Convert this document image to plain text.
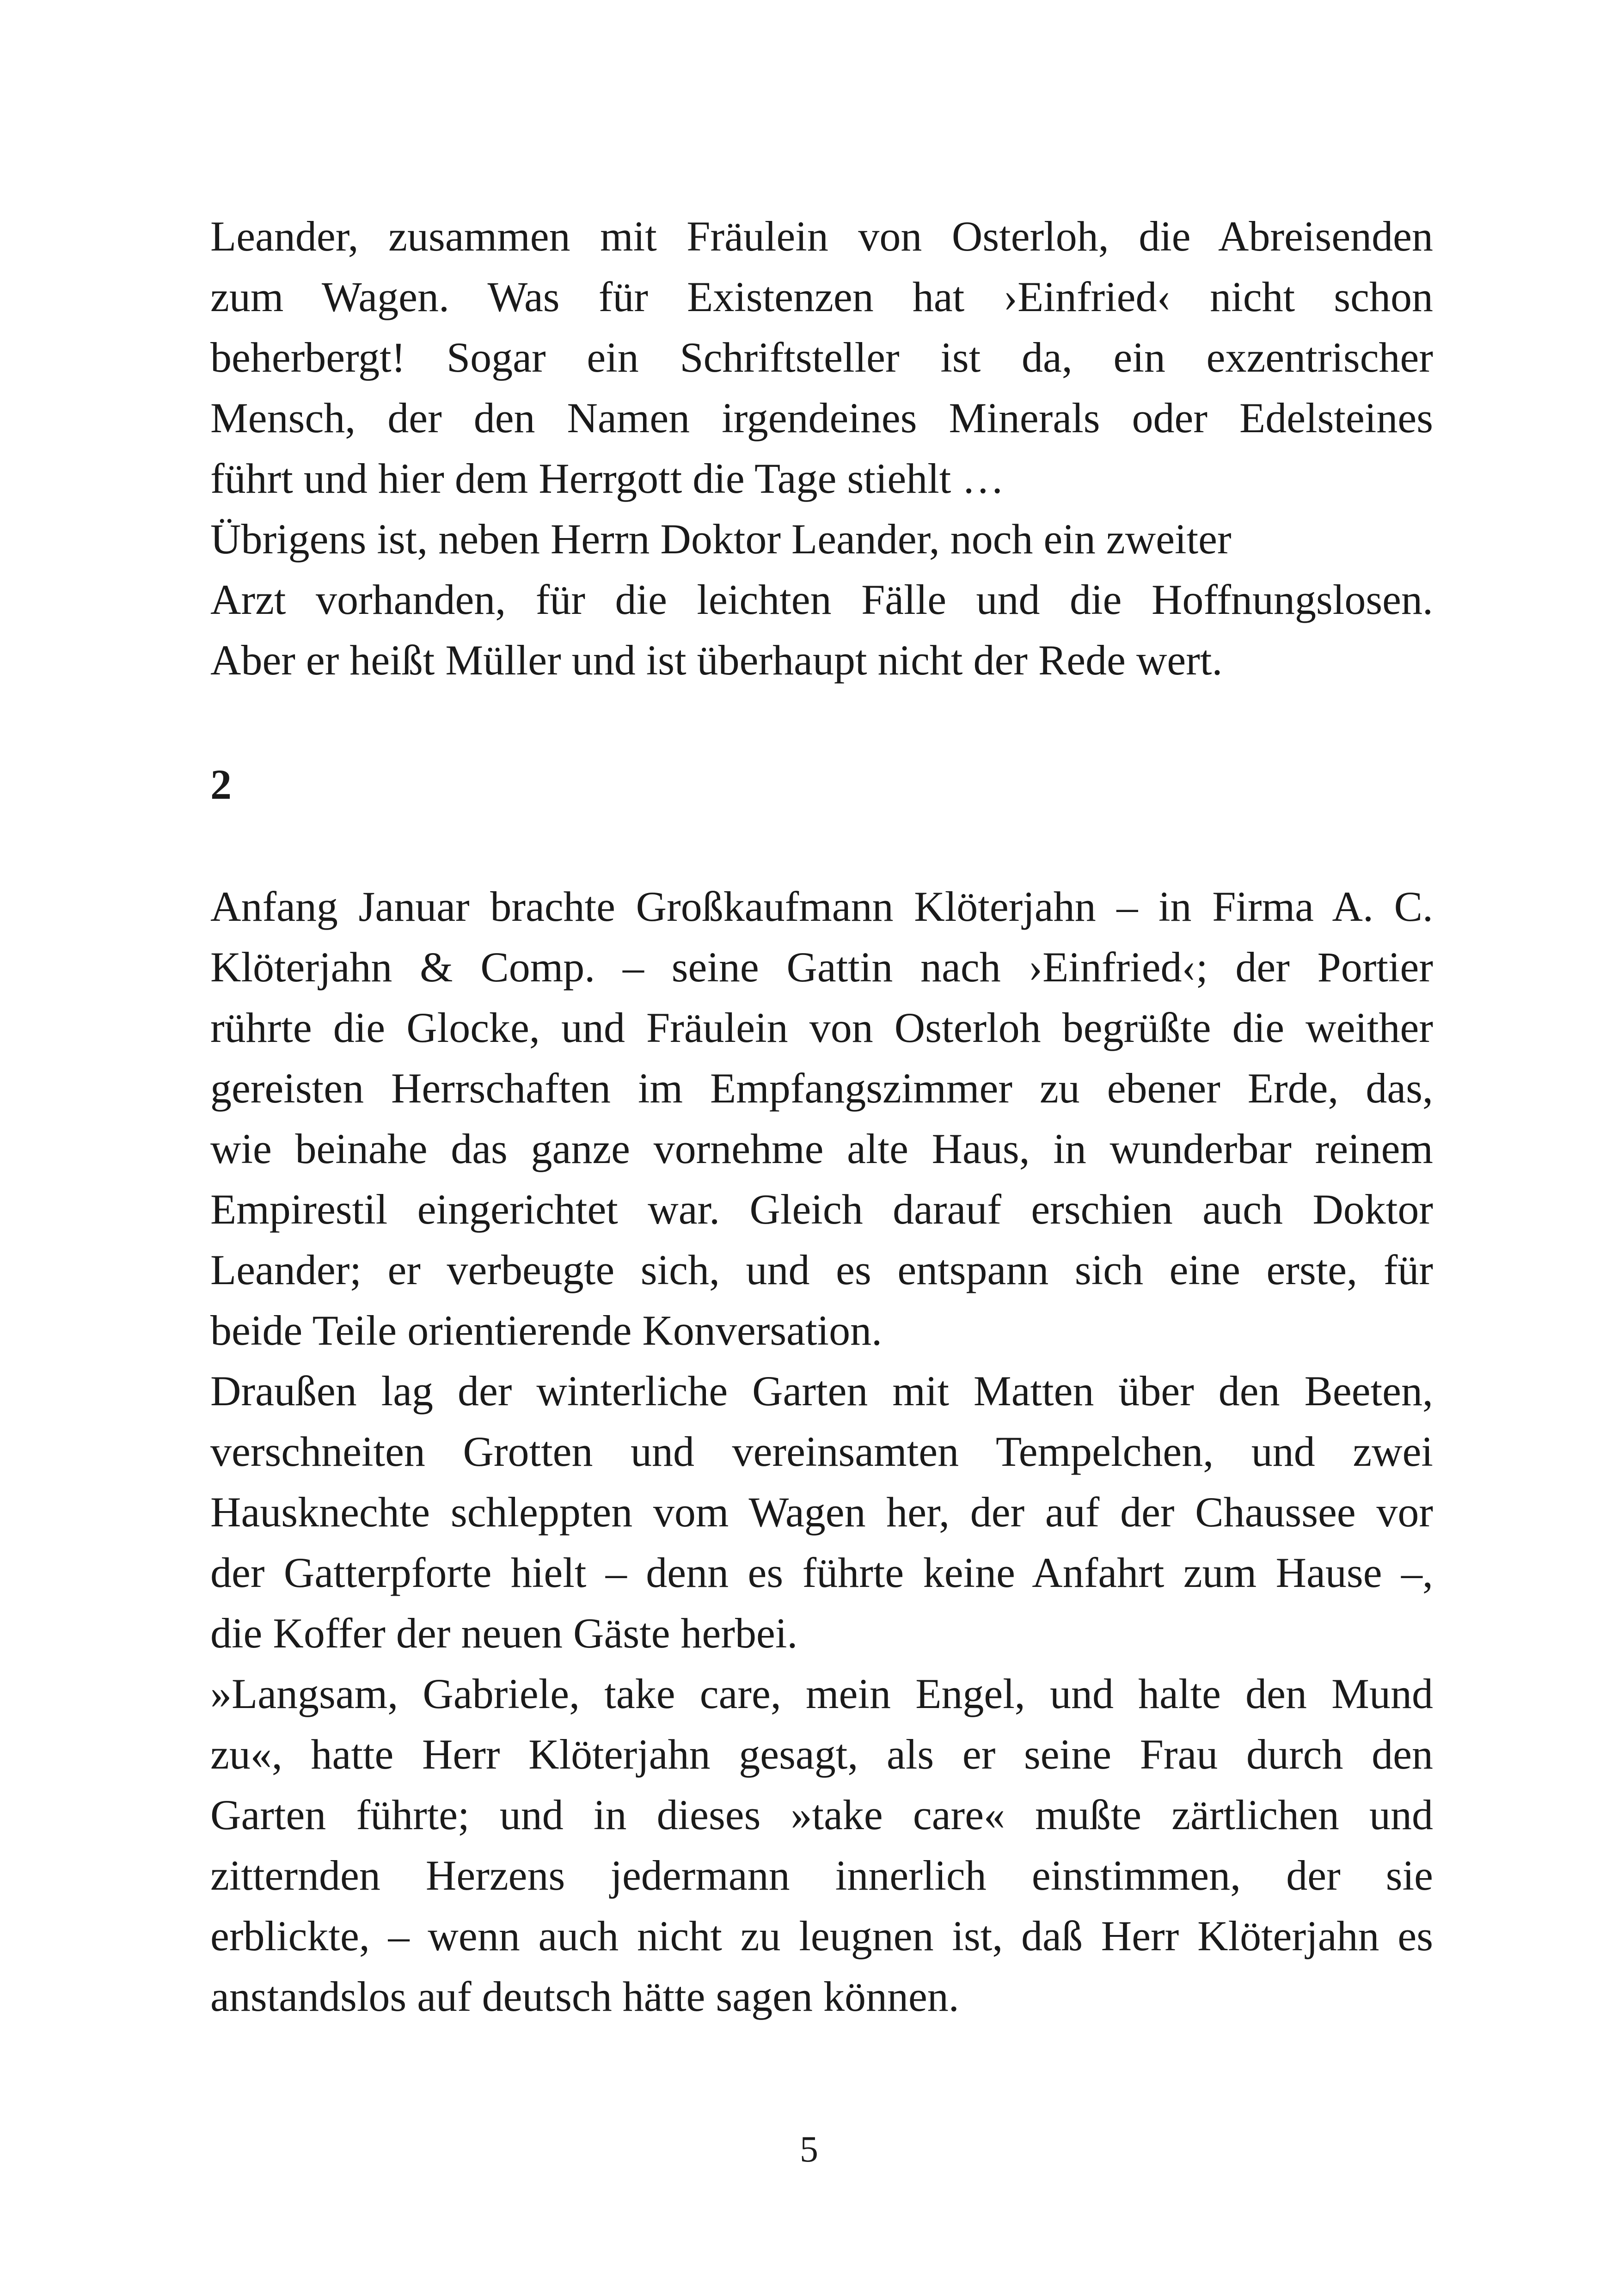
Leander, zusammen mit Fräulein von Osterloh, die Abreisenden
zum Wagen. Was für Existenzen hat ›Einfried‹ nicht schon
beherbergt! Sogar ein Schriftsteller ist da, ein exzentrischer
Mensch, der den Namen irgendeines Minerals oder Edelsteines
führt und hier dem Herrgott die Tage stiehlt …

Übrigens ist, neben Herrn Doktor Leander, noch ein zweiter
Arzt vorhanden, für die leichten Fälle und die Hoffnungslosen.
Aber er heißt Müller und ist überhaupt nicht der Rede wert.

2

Anfang Januar brachte Großkaufmann Klöterjahn – in Firma A. C.
Klöterjahn & Comp. – seine Gattin nach ›Einfried‹; der Portier
rührte die Glocke, und Fräulein von Osterloh begrüßte die weither
gereisten Herrschaften im Empfangszimmer zu ebener Erde, das,
wie beinahe das ganze vornehme alte Haus, in wunderbar reinem
Empirestil eingerichtet war. Gleich darauf erschien auch Doktor
Leander; er verbeugte sich, und es entspann sich eine erste, für
beide Teile orientierende Konversation.

Draußen lag der winterliche Garten mit Matten über den Beeten,
verschneiten Grotten und vereinsamten Tempelchen, und zwei
Hausknechte schleppten vom Wagen her, der auf der Chaussee vor
der Gatterpforte hielt – denn es führte keine Anfahrt zum Hause –,
die Koffer der neuen Gäste herbei.

»Langsam, Gabriele, take care, mein Engel, und halte den Mund
zu«, hatte Herr Klöterjahn gesagt, als er seine Frau durch den
Garten führte; und in dieses »take care« mußte zärtlichen und
zitternden Herzens jedermann innerlich einstimmen, der sie
erblickte, – wenn auch nicht zu leugnen ist, daß Herr Klöterjahn es
anstandslos auf deutsch hätte sagen können.

5
